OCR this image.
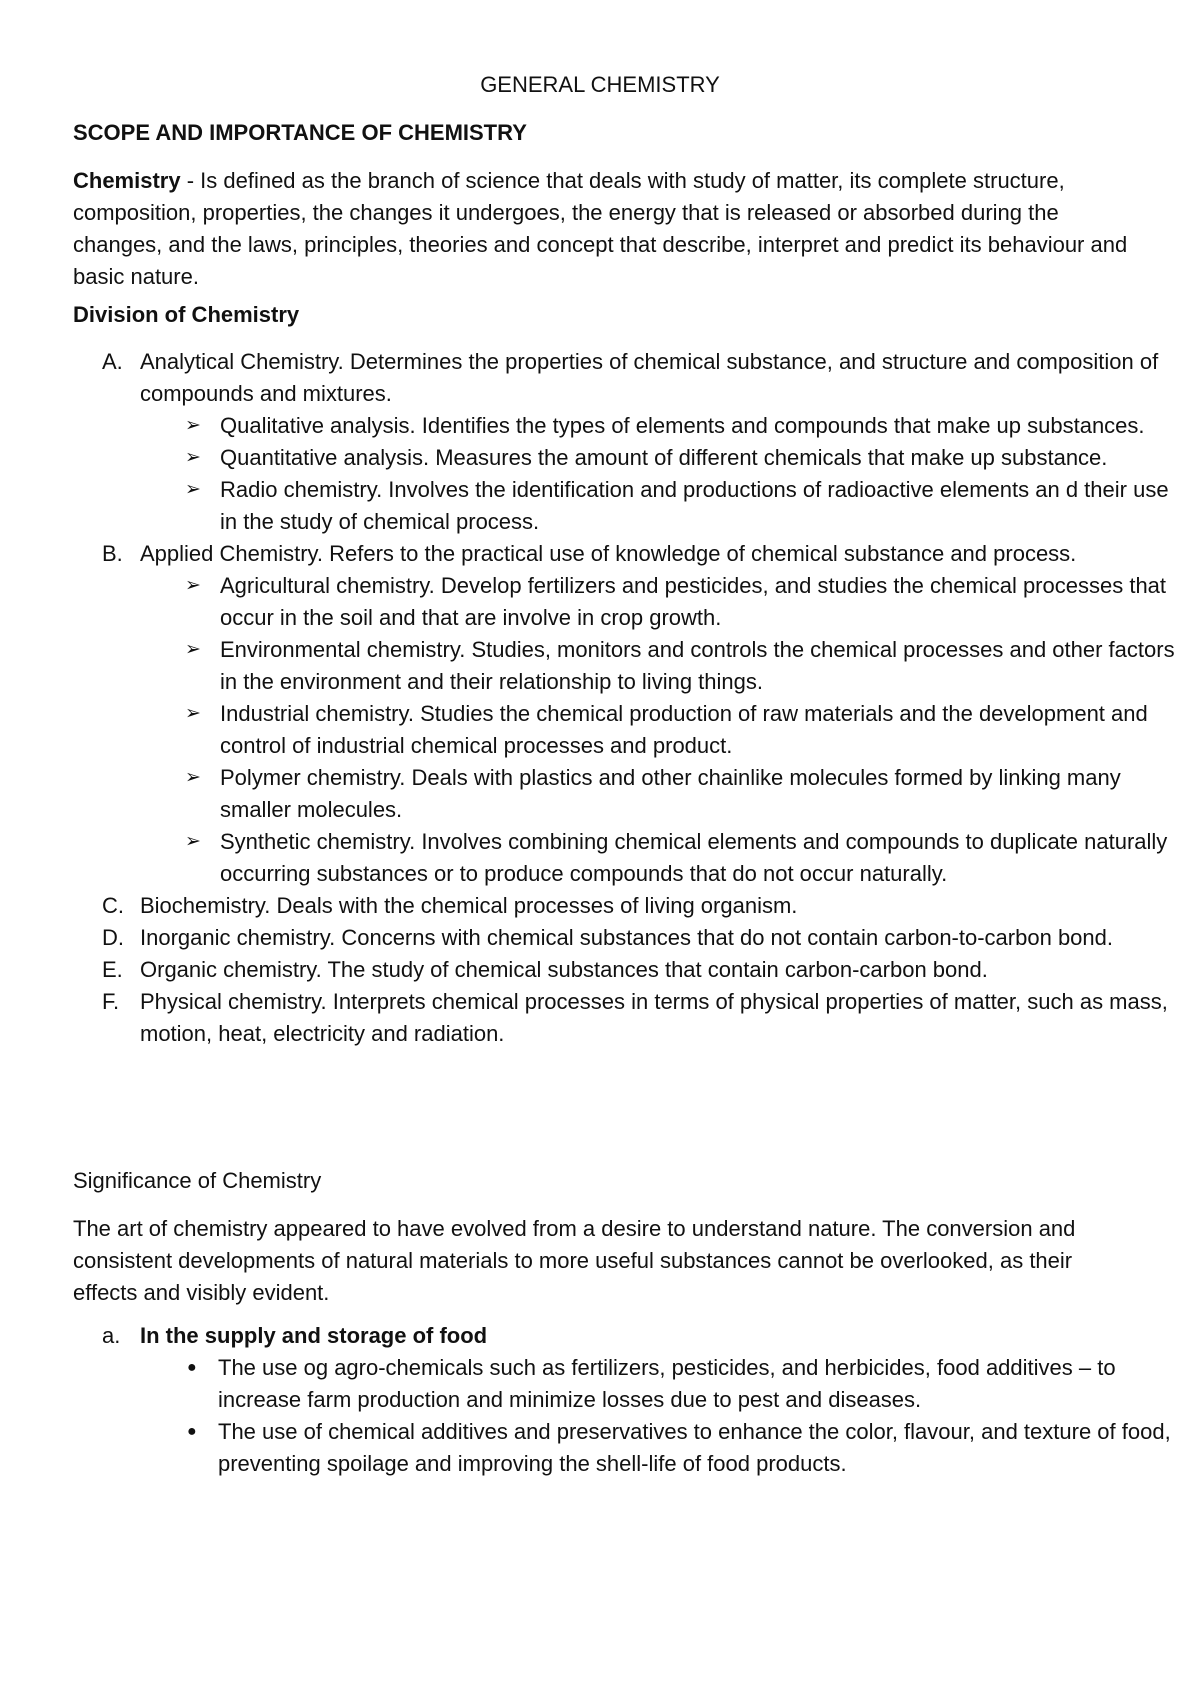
GENERAL CHEMISTRY
SCOPE AND IMPORTANCE OF CHEMISTRY

Chemistry - Is defined as the branch of science that deals with study of matter, its complete structure, composition, properties, the changes it undergoes, the energy that is released or absorbed during the changes, and the laws, principles, theories and concept that describe, interpret and predict its behaviour and basic nature.

Division of Chemistry
A. Analytical Chemistry. Determines the properties of chemical substance, and structure and composition of compounds and mixtures.
➢ Qualitative analysis. Identifies the types of elements and compounds that make up substances.
➢ Quantitative analysis. Measures the amount of different chemicals that make up substance.
➢ Radio chemistry. Involves the identification and productions of radioactive elements an d their use in the study of chemical process.
B. Applied Chemistry. Refers to the practical use of knowledge of chemical substance and process.
➢ Agricultural chemistry. Develop fertilizers and pesticides, and studies the chemical processes that occur in the soil and that are involve in crop growth.
➢ Environmental chemistry. Studies, monitors and controls the chemical processes and other factors in the environment and their relationship to living things.
➢ Industrial chemistry. Studies the chemical production of raw materials and the development and control of industrial chemical processes and product.
➢ Polymer chemistry. Deals with plastics and other chainlike molecules formed by linking many smaller molecules.
➢ Synthetic chemistry. Involves combining chemical elements and compounds to duplicate naturally occurring substances or to produce compounds that do not occur naturally.
C. Biochemistry. Deals with the chemical processes of living organism.
D. Inorganic chemistry. Concerns with chemical substances that do not contain carbon-to-carbon bond.
E. Organic chemistry. The study of chemical substances that contain carbon-carbon bond.
F. Physical chemistry. Interprets chemical processes in terms of physical properties of matter, such as mass, motion, heat, electricity and radiation.
Significance of Chemistry
The art of chemistry appeared to have evolved from a desire to understand nature. The conversion and consistent developments of natural materials to more useful substances cannot be overlooked, as their effects and visibly evident.
a. In the supply and storage of food
● The use og agro-chemicals such as fertilizers, pesticides, and herbicides, food additives – to increase farm production and minimize losses due to pest and diseases.
● The use of chemical additives and preservatives to enhance the color, flavour, and texture of food, preventing spoilage and improving the shell-life of food products.
